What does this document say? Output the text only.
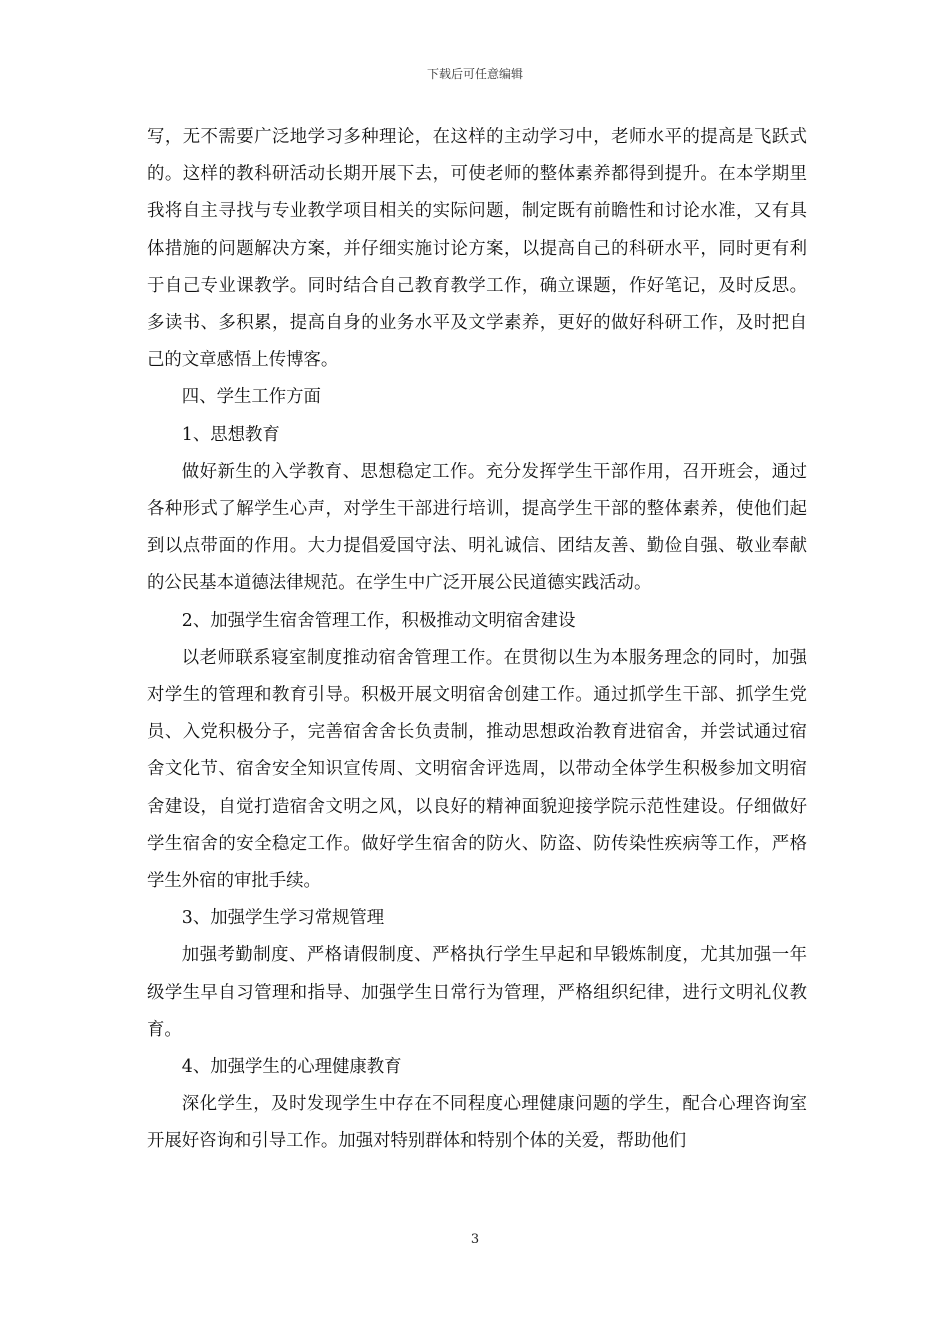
下载后可任意编辑

写，无不需要广泛地学习多种理论，在这样的主动学习中，老师水平的提高是飞跃式的。这样的教科研活动长期开展下去，可使老师的整体素养都得到提升。在本学期里我将自主寻找与专业教学项目相关的实际问题，制定既有前瞻性和讨论水准，又有具体措施的问题解决方案，并仔细实施讨论方案，以提高自己的科研水平，同时更有利于自己专业课教学。同时结合自己教育教学工作，确立课题，作好笔记，及时反思。多读书、多积累，提高自身的业务水平及文学素养，更好的做好科研工作，及时把自己的文章感悟上传博客。

四、学生工作方面

1、思想教育

做好新生的入学教育、思想稳定工作。充分发挥学生干部作用，召开班会，通过各种形式了解学生心声，对学生干部进行培训，提高学生干部的整体素养，使他们起到以点带面的作用。大力提倡爱国守法、明礼诚信、团结友善、勤俭自强、敬业奉献的公民基本道德法律规范。在学生中广泛开展公民道德实践活动。

2、加强学生宿舍管理工作，积极推动文明宿舍建设

以老师联系寝室制度推动宿舍管理工作。在贯彻以生为本服务理念的同时，加强对学生的管理和教育引导。积极开展文明宿舍创建工作。通过抓学生干部、抓学生党员、入党积极分子，完善宿舍舍长负责制，推动思想政治教育进宿舍，并尝试通过宿舍文化节、宿舍安全知识宣传周、文明宿舍评选周，以带动全体学生积极参加文明宿舍建设，自觉打造宿舍文明之风，以良好的精神面貌迎接学院示范性建设。仔细做好学生宿舍的安全稳定工作。做好学生宿舍的防火、防盗、防传染性疾病等工作，严格学生外宿的审批手续。

3、加强学生学习常规管理

加强考勤制度、严格请假制度、严格执行学生早起和早锻炼制度，尤其加强一年级学生早自习管理和指导、加强学生日常行为管理，严格组织纪律，进行文明礼仪教育。

4、加强学生的心理健康教育

深化学生，及时发现学生中存在不同程度心理健康问题的学生，配合心理咨询室开展好咨询和引导工作。加强对特别群体和特别个体的关爱，帮助他们

3
